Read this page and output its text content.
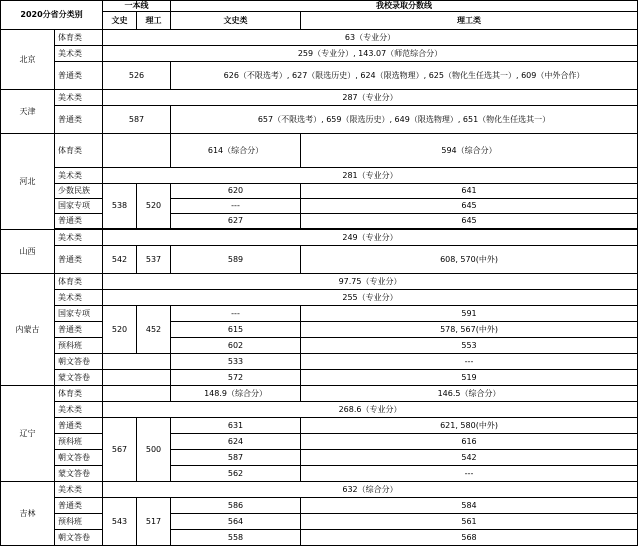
2020分省分类别		一本线		我校录取分数线	
		文史	理工	文史类	理工类
北京	体育类	63（专业分）			
	美术类	259（专业分）, 143.07（师范综合分）			
	普通类	526		626（不限选考）, 627（限选历史）, 624（限选物理）, 625（物化生任选其一）, 609（中外合作）	
天津	美术类	287（专业分）			
	普通类	587		657（不限选考）, 659（限选历史）, 649（限选物理）, 651（物化生任选其一）	
河北	体育类			614（综合分）	594（综合分）
	美术类	281（专业分）			
	少数民族	538	520	620	641
	国家专项			---	645
	普通类			627	645

山西	美术类	249（专业分）			
	普通类	542	537	589	608, 570(中外)
内蒙古	体育类	97.75（专业分）			
	美术类	255（专业分）			
	国家专项	520	452	---	591
	普通类			615	578, 567(中外)
	预科班			602	553
	朝文答卷			533	---
	蒙文答卷			572	519
辽宁	体育类			148.9（综合分）	146.5（综合分）
	美术类	268.6（专业分）			
	普通类	567	500	631	621, 580(中外)
	预科班			624	616
	朝文答卷			587	542
	蒙文答卷			562	---
吉林	美术类	632（综合分）			
	普通类	543	517	586	584
	预科班			564	561
	朝文答卷			558	568
